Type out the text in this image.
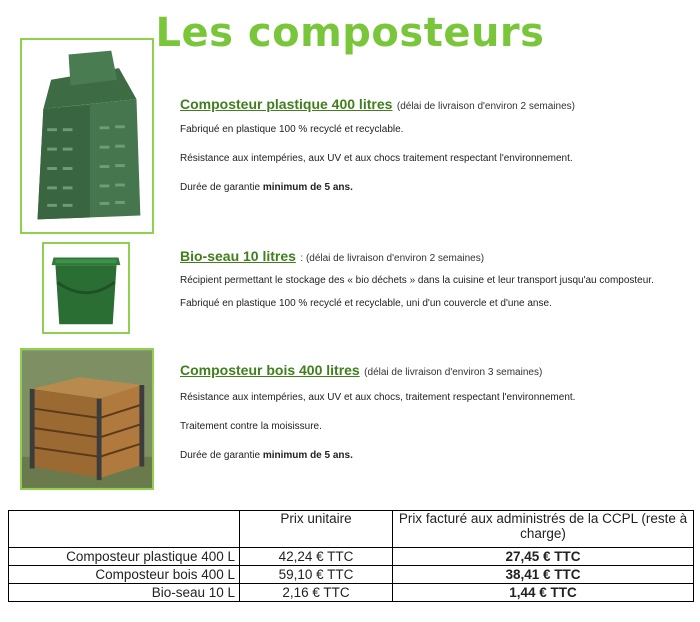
Les composteurs
Composteur plastique 400 litres (délai de livraison d'environ 2 semaines)

Fabriqué en plastique 100 % recyclé et recyclable.

Résistance aux intempéries, aux UV et aux chocs traitement respectant l'environnement.

Durée de garantie minimum de 5 ans.

Bio-seau 10 litres : (délai de livraison d'environ 2 semaines)

Récipient permettant le stockage des « bio déchets » dans la cuisine et leur transport jusqu'au composteur.

Fabriqué en plastique 100 % recyclé et recyclable, uni d'un couvercle et d'une anse.

Composteur bois 400 litres (délai de livraison d'environ 3 semaines)

Résistance aux intempéries, aux UV et aux chocs, traitement respectant l'environnement.

Traitement contre la moisissure.

Durée de garantie minimum de 5 ans.

	Prix unitaire	Prix facturé aux administrés de la CCPL (reste à charge)
Composteur plastique 400 L	42,24 € TTC	27,45 € TTC
Composteur bois 400 L	59,10 € TTC	38,41 € TTC
Bio-seau 10 L	2,16 € TTC	1,44 € TTC
